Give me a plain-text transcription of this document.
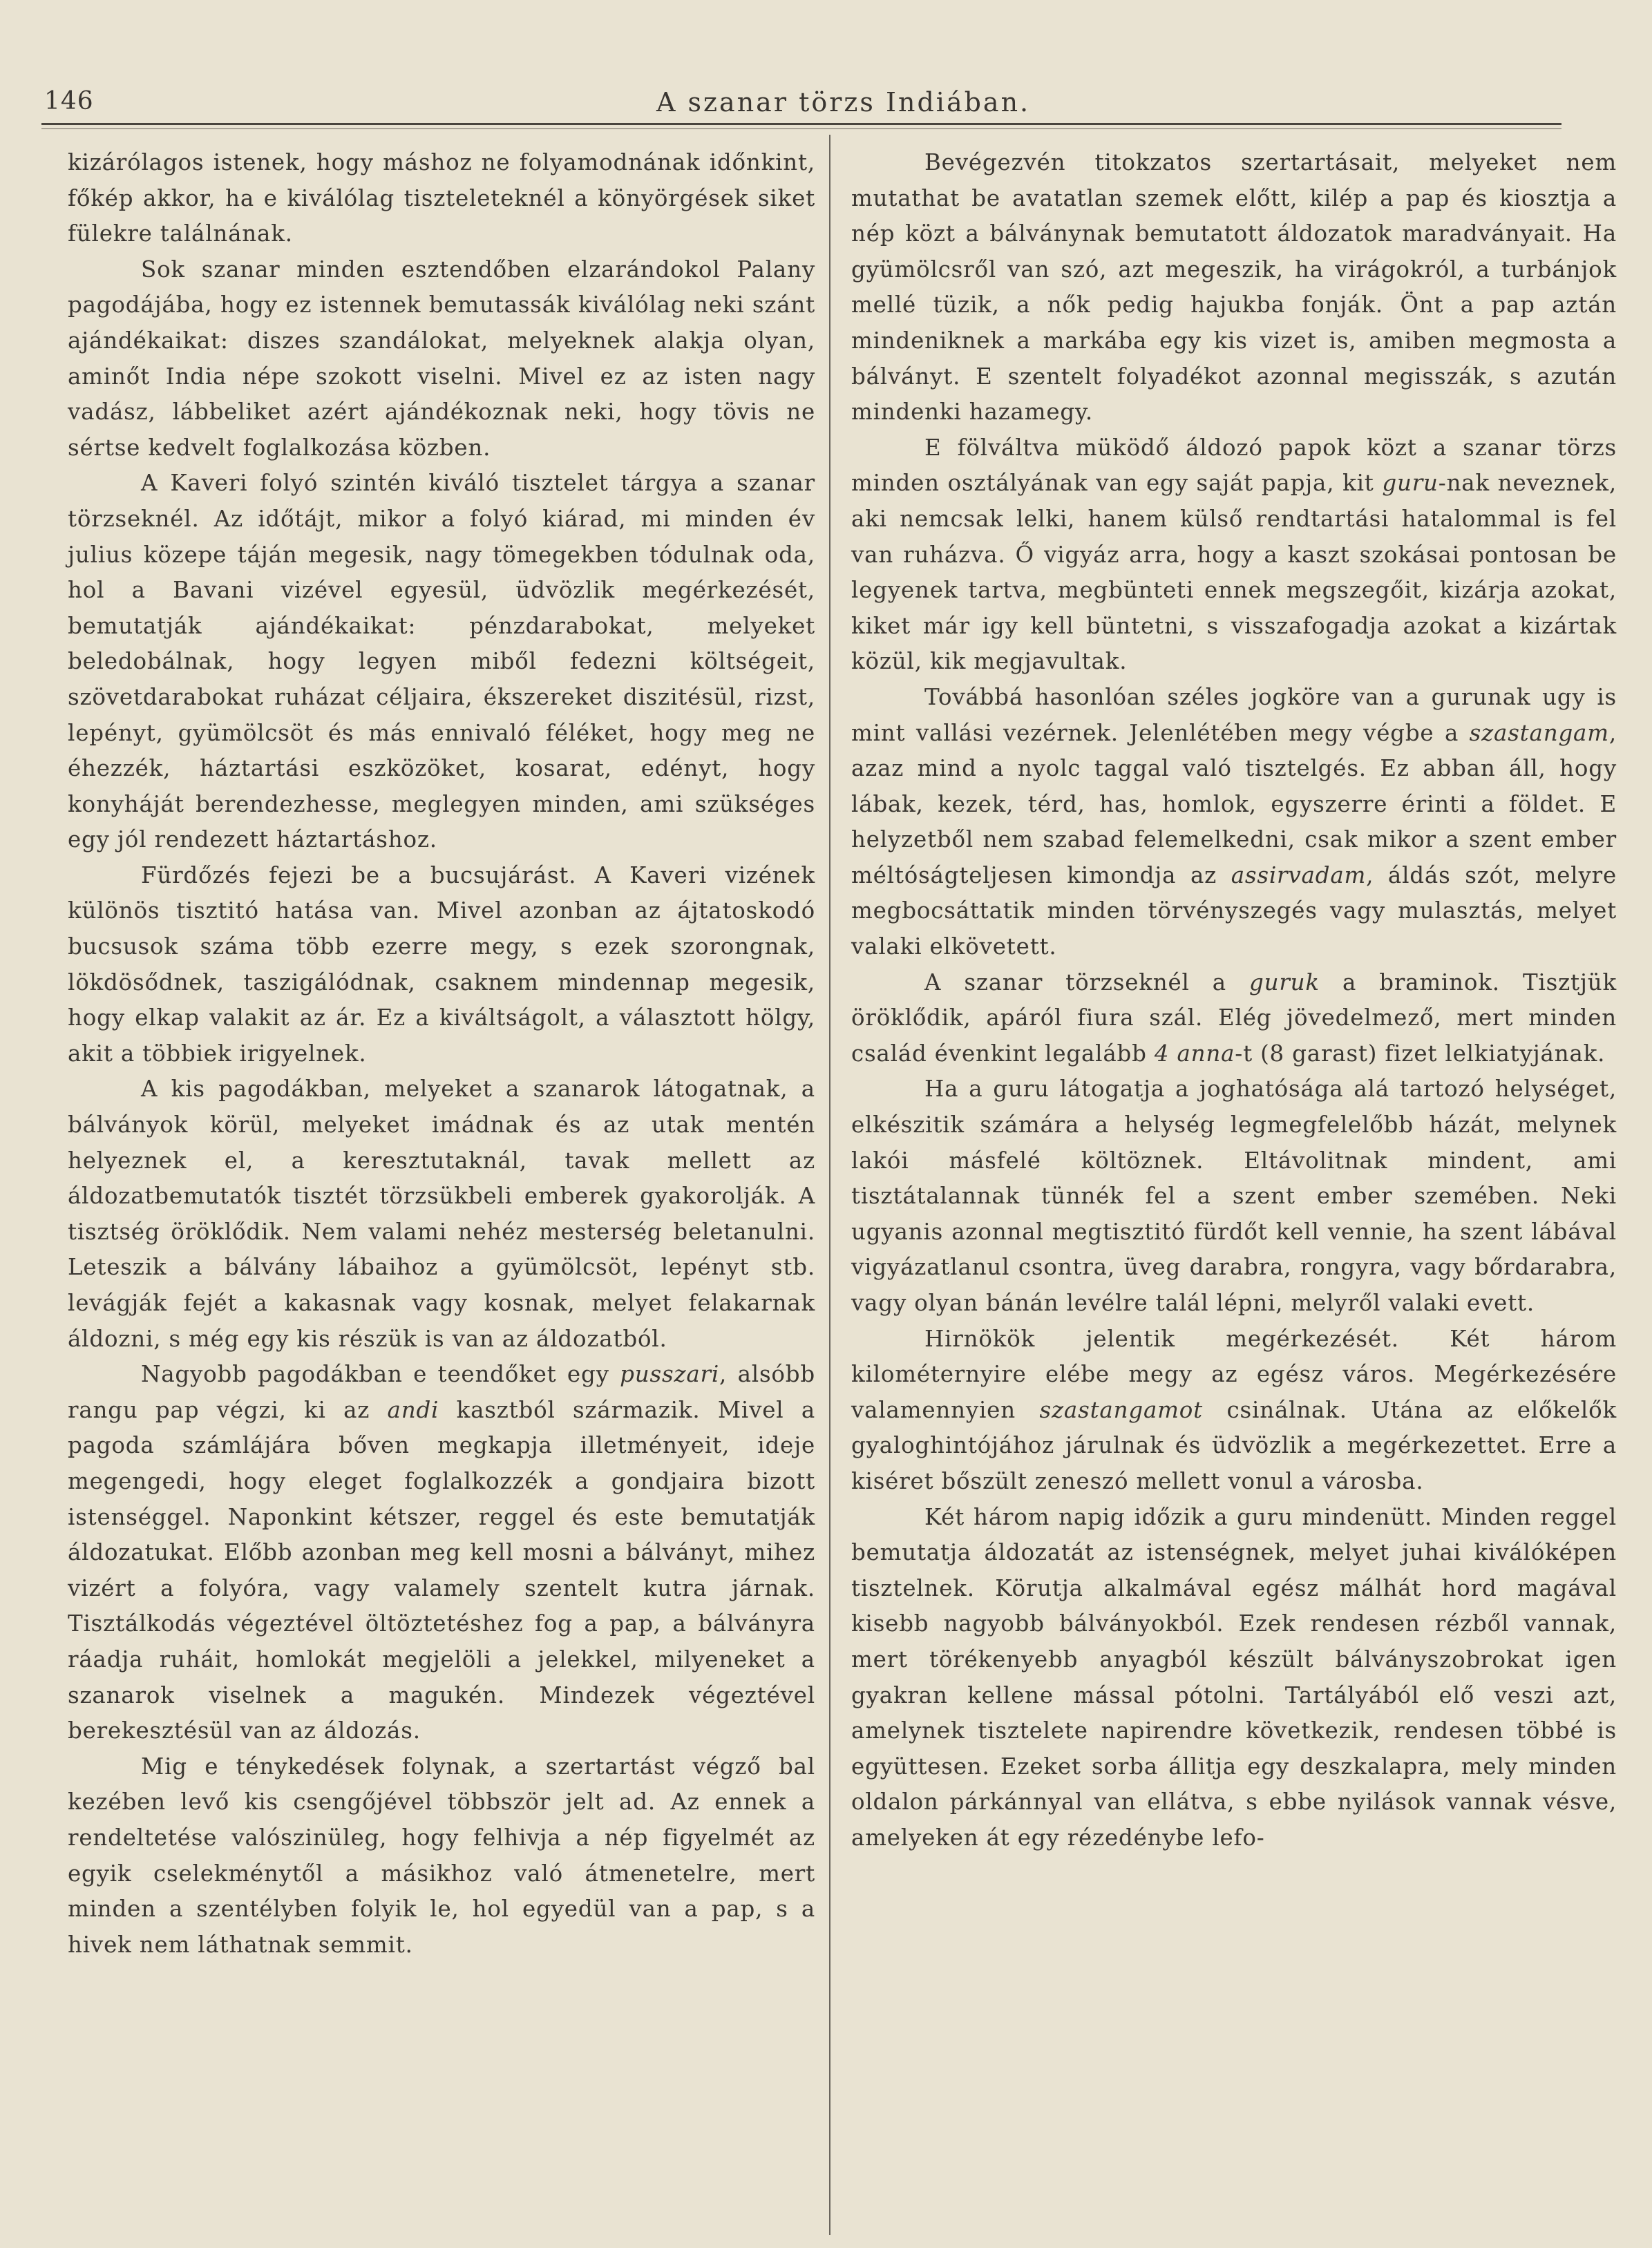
146	A szanar törzs Indiában.

kizárólagos istenek, hogy máshoz ne folyamodnának időnkint, főkép akkor, ha e kiválólag tiszteleteknél a könyörgések siket fülekre találnának.

Sok szanar minden esztendőben elzarándokol Palany pagodájába, hogy ez istennek bemutassák kiválólag neki szánt ajándékaikat: diszes szandálokat, melyeknek alakja olyan, aminőt India népe szokott viselni. Mivel ez az isten nagy vadász, lábbeliket azért ajándékoznak neki, hogy tövis ne sértse kedvelt foglalkozása közben.

A Kaveri folyó szintén kiváló tisztelet tárgya a szanar törzseknél. Az időtájt, mikor a folyó kiárad, mi minden év julius közepe táján megesik, nagy tömegekben tódulnak oda, hol a Bavani vizével egyesül, üdvözlik megérkezését, bemutatják ajándékaikat: pénzdarabokat, melyeket beledobálnak, hogy legyen miből fedezni költségeit, szövetdarabokat ruházat céljaira, ékszereket diszitésül, rizst, lepényt, gyümölcsöt és más ennivaló féléket, hogy meg ne éhezzék, háztartási eszközöket, kosarat, edényt, hogy konyháját berendezhesse, meglegyen minden, ami szükséges egy jól rendezett háztartáshoz.

Fürdőzés fejezi be a bucsujárást. A Kaveri vizének különös tisztitó hatása van. Mivel azonban az ájtatoskodó bucsusok száma több ezerre megy, s ezek szorongnak, lökdösődnek, taszigálódnak, csaknem mindennap megesik, hogy elkap valakit az ár. Ez a kiváltságolt, a választott hölgy, akit a többiek irigyelnek.

A kis pagodákban, melyeket a szanarok látogatnak, a bálványok körül, melyeket imádnak és az utak mentén helyeznek el, a keresztutaknál, tavak mellett az áldozatbemutatók tisztét törzsükbeli emberek gyakorolják. A tisztség öröklődik. Nem valami nehéz mesterség beletanulni. Leteszik a bálvány lábaihoz a gyümölcsöt, lepényt stb. levágják fejét a kakasnak vagy kosnak, melyet felakarnak áldozni, s még egy kis részük is van az áldozatból.

Nagyobb pagodákban e teendőket egy pusszari, alsóbb rangu pap végzi, ki az andi kasztból származik. Mivel a pagoda számlájára bőven megkapja illetményeit, ideje megengedi, hogy eleget foglalkozzék a gondjaira bizott istenséggel. Naponkint kétszer, reggel és este bemutatják áldozatukat. Előbb azonban meg kell mosni a bálványt, mihez vizért a folyóra, vagy valamely szentelt kutra járnak. Tisztálkodás végeztével öltöztetéshez fog a pap, a bálványra ráadja ruháit, homlokát megjelöli a jelekkel, milyeneket a szanarok viselnek a magukén. Mindezek végeztével berekesztésül van az áldozás.

Mig e ténykedések folynak, a szertartást végző bal kezében levő kis csengőjével többször jelt ad. Az ennek a rendeltetése valószinüleg, hogy felhivja a nép figyelmét az egyik cselekménytől a másikhoz való átmenetelre, mert minden a szentélyben folyik le, hol egyedül van a pap, s a hivek nem láthatnak semmit.

Bevégezvén titokzatos szertartásait, melyeket nem mutathat be avatatlan szemek előtt, kilép a pap és kiosztja a nép közt a bálványnak bemutatott áldozatok maradványait. Ha gyümölcsről van szó, azt megeszik, ha virágokról, a turbánjok mellé tüzik, a nők pedig hajukba fonják. Önt a pap aztán mindeniknek a markába egy kis vizet is, amiben megmosta a bálványt. E szentelt folyadékot azonnal megisszák, s azután mindenki hazamegy.

E fölváltva müködő áldozó papok közt a szanar törzs minden osztályának van egy saját papja, kit guru-nak neveznek, aki nemcsak lelki, hanem külső rendtartási hatalommal is fel van ruházva. Ő vigyáz arra, hogy a kaszt szokásai pontosan be legyenek tartva, megbünteti ennek megszegőit, kizárja azokat, kiket már igy kell büntetni, s visszafogadja azokat a kizártak közül, kik megjavultak.

Továbbá hasonlóan széles jogköre van a gurunak ugy is mint vallási vezérnek. Jelenlétében megy végbe a szastangam, azaz mind a nyolc taggal való tisztelgés. Ez abban áll, hogy lábak, kezek, térd, has, homlok, egyszerre érinti a földet. E helyzetből nem szabad felemelkedni, csak mikor a szent ember méltóságteljesen kimondja az assirvadam, áldás szót, melyre megbocsáttatik minden törvényszegés vagy mulasztás, melyet valaki elkövetett.

A szanar törzseknél a guruk a braminok. Tisztjük öröklődik, apáról fiura szál. Elég jövedelmező, mert minden család évenkint legalább 4 anna-t (8 garast) fizet lelkiatyjának.

Ha a guru látogatja a joghatósága alá tartozó helységet, elkészitik számára a helység legmegfelelőbb házát, melynek lakói másfelé költöznek. Eltávolitnak mindent, ami tisztátalannak tünnék fel a szent ember szemében. Neki ugyanis azonnal megtisztitó fürdőt kell vennie, ha szent lábával vigyázatlanul csontra, üveg darabra, rongyra, vagy bőrdarabra, vagy olyan bánán levélre talál lépni, melyről valaki evett.

Hirnökök jelentik megérkezését. Két három kilométernyire elébe megy az egész város. Megérkezésére valamennyien szastangamot csinálnak. Utána az előkelők gyaloghintójához járulnak és üdvözlik a megérkezettet. Erre a kiséret bőszült zeneszó mellett vonul a városba.

Két három napig időzik a guru mindenütt. Minden reggel bemutatja áldozatát az istenségnek, melyet juhai kiválóképen tisztelnek. Körutja alkalmával egész málhát hord magával kisebb nagyobb bálványokból. Ezek rendesen rézből vannak, mert törékenyebb anyagból készült bálványszobrokat igen gyakran kellene mással pótolni. Tartályából elő veszi azt, amelynek tisztelete napirendre következik, rendesen többé is együttesen. Ezeket sorba állitja egy deszkalapra, mely minden oldalon párkánnyal van ellátva, s ebbe nyilások vannak vésve, amelyeken át egy rézedénybe lefo-
